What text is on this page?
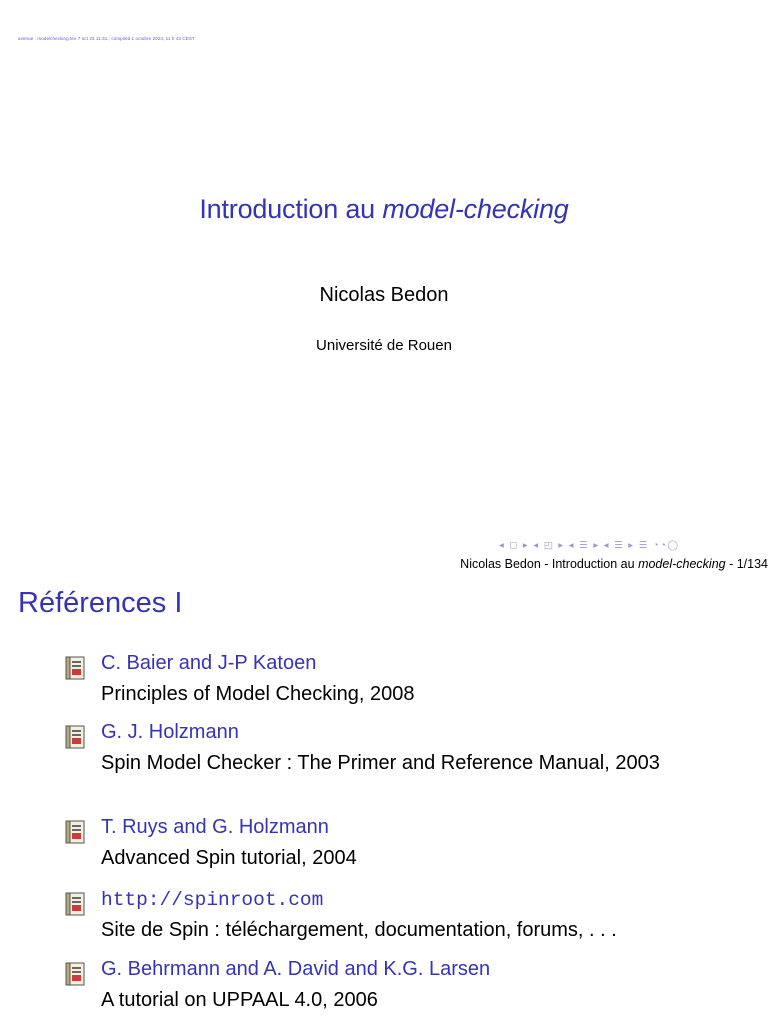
avenue : modelchecking.tex 7 oct 23 11:31 ; compiled 1 octobre 2023, 11 h 43 CEST
Introduction au model-checking
Nicolas Bedon
Université de Rouen
◂ ◻ ▸ ◂ ◰ ▸ ◂ ☰ ▸ ◂ ☰ ▸ ☰ ◔◔◯
Nicolas Bedon - Introduction au model-checking - 1/134
Références I
C. Baier and J-P Katoen
Principles of Model Checking, 2008
G. J. Holzmann
Spin Model Checker : The Primer and Reference Manual, 2003
T. Ruys and G. Holzmann
Advanced Spin tutorial, 2004
http://spinroot.com
Site de Spin : téléchargement, documentation, forums, . . .
G. Behrmann and A. David and K.G. Larsen
A tutorial on UPPAAL 4.0, 2006
